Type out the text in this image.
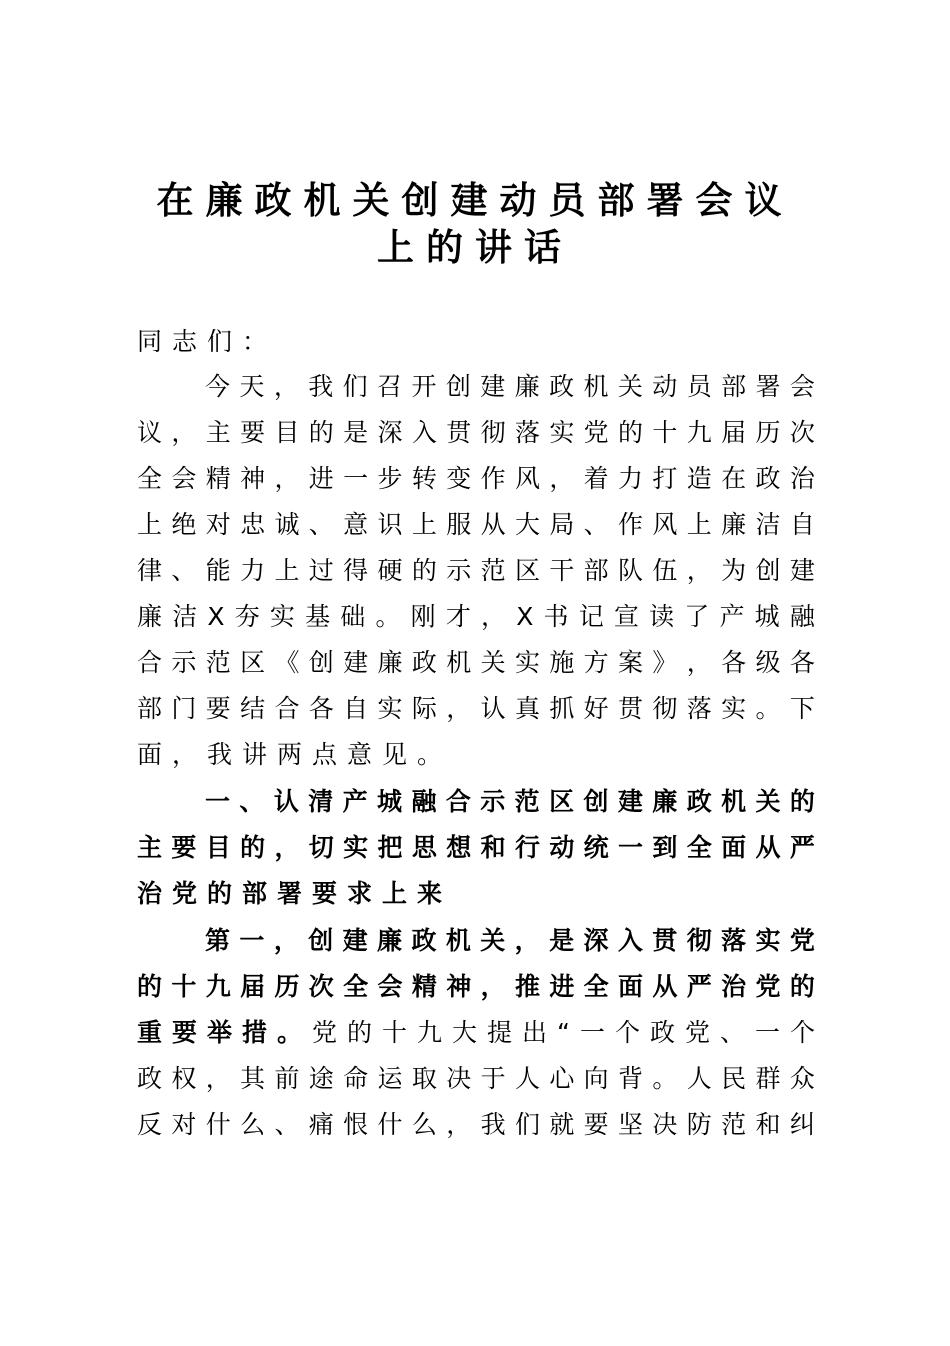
在廉政机关创建动员部署会议
上的讲话
同志们：
今 天 ， 我 们 召 开 创 建 廉 政 机 关 动 员 部 署 会
议 ， 主 要 目 的 是 深 入 贯 彻 落 实 党 的 十 九 届 历 次
全 会 精 神 ， 进 一 步 转 变 作 风 ， 着 力 打 造 在 政 治
上 绝 对 忠 诚 、 意 识 上 服 从 大 局 、 作 风 上 廉 洁 自
律 、 能 力 上 过 得 硬 的 示 范 区 干 部 队 伍 ， 为 创 建
廉 洁 X 夯 实 基 础 。 刚 才 ， X 书 记 宣 读 了 产 城 融
合 示 范 区 《 创 建 廉 政 机 关 实 施 方 案 》 ， 各 级 各
部 门 要 结 合 各 自 实 际 ， 认 真 抓 好 贯 彻 落 实 。 下
面，我讲两点意见。
一 、 认 清 产 城 融 合 示 范 区 创 建 廉 政 机 关 的
主 要 目 的 ， 切 实 把 思 想 和 行 动 统 一 到 全 面 从 严
治党的部署要求上来
第 一 ， 创 建 廉 政 机 关 ， 是 深 入 贯 彻 落 实 党
的 十 九 届 历 次 全 会 精 神 ， 推 进 全 面 从 严 治 党 的
重 要 举 措 。 党 的 十 九 大 提 出 “ 一 个 政 党 、 一 个
政 权 ， 其 前 途 命 运 取 决 于 人 心 向 背 。 人 民 群 众
反 对 什 么 、 痛 恨 什 么 ， 我 们 就 要 坚 决 防 范 和 纠
